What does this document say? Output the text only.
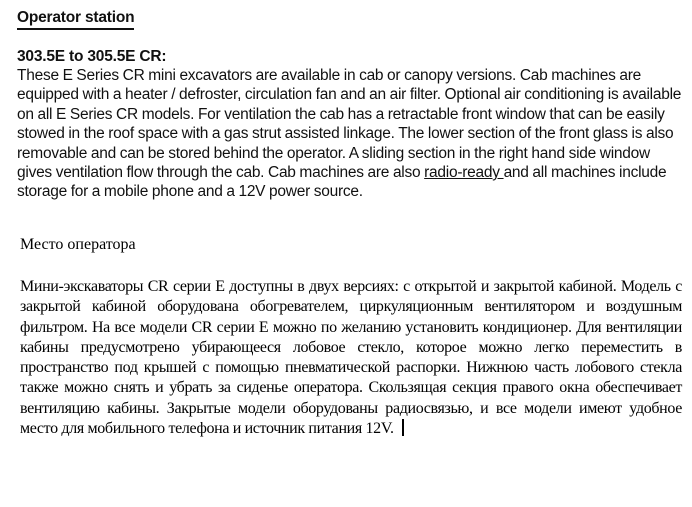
Operator station
303.5E to 305.5E CR:
These E Series CR mini excavators are available in cab or canopy versions. Cab machines are equipped with a heater / defroster, circulation fan and an air filter. Optional air conditioning is available on all E Series CR models. For ventilation the cab has a retractable front window that can be easily stowed in the roof space with a gas strut assisted linkage. The lower section of the front glass is also removable and can be stored behind the operator. A sliding section in the right hand side window gives ventilation flow through the cab. Cab machines are also radio-ready and all machines include storage for a mobile phone and a 12V power source.
Место оператора
Мини-экскаваторы CR серии E доступны в двух версиях: с открытой и закрытой кабиной. Модель с закрытой кабиной оборудована обогревателем, циркуляционным вентилятором и воздушным фильтром. На все модели CR серии E можно по желанию установить кондиционер. Для вентиляции кабины предусмотрено убирающееся лобовое стекло, которое можно легко переместить в пространство под крышей с помощью пневматической распорки. Нижнюю часть лобового стекла также можно снять и убрать за сиденье оператора. Скользящая секция правого окна обеспечивает вентиляцию кабины. Закрытые модели оборудованы радиосвязью, и все модели имеют удобное место для мобильного телефона и источник питания 12V.
